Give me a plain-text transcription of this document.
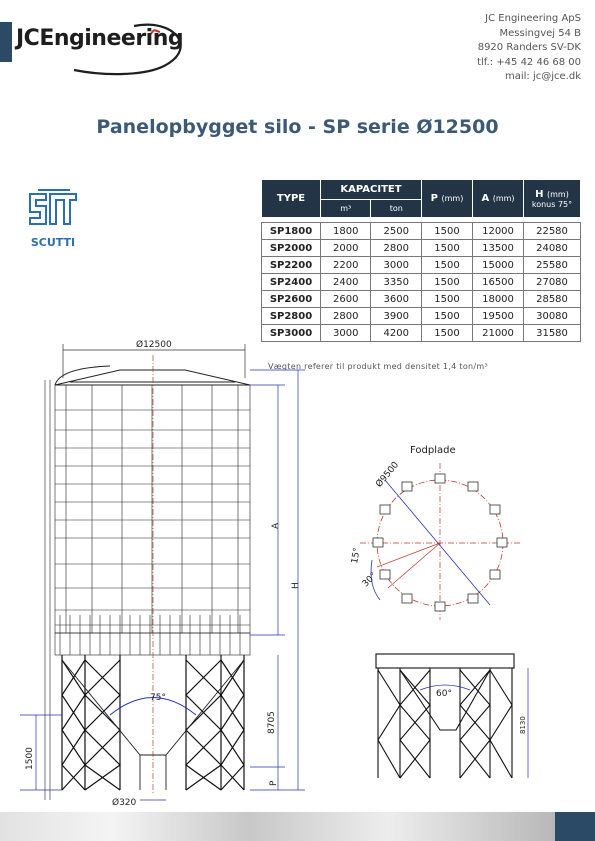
JCEngineering
JC Engineering ApS
Messingvej 54 B
8920 Randers SV-DK
tlf.: +45 42 46 68 00
mail: jc@jce.dk
Panelopbygget silo - SP serie Ø12500
SCUTTI
TYPE	KAPACITET		P (mm)	A (mm)	H (mm)
konus 75°

	m³	ton			

SP1800	1800	2500	1500	12000	22580
SP2000	2000	2800	1500	13500	24080
SP2200	2200	3000	1500	15000	25580
SP2400	2400	3350	1500	16500	27080
SP2600	2600	3600	1500	18000	28580
SP2800	2800	3900	1500	19500	30080
SP3000	3000	4200	1500	21000	31580
Vægten referer til produkt med densitet 1,4 ton/m³
Ø12500
75°
A
H
8705
1500
P
Ø320
Fodplade
Ø9500
15°
30°
60°
8130
